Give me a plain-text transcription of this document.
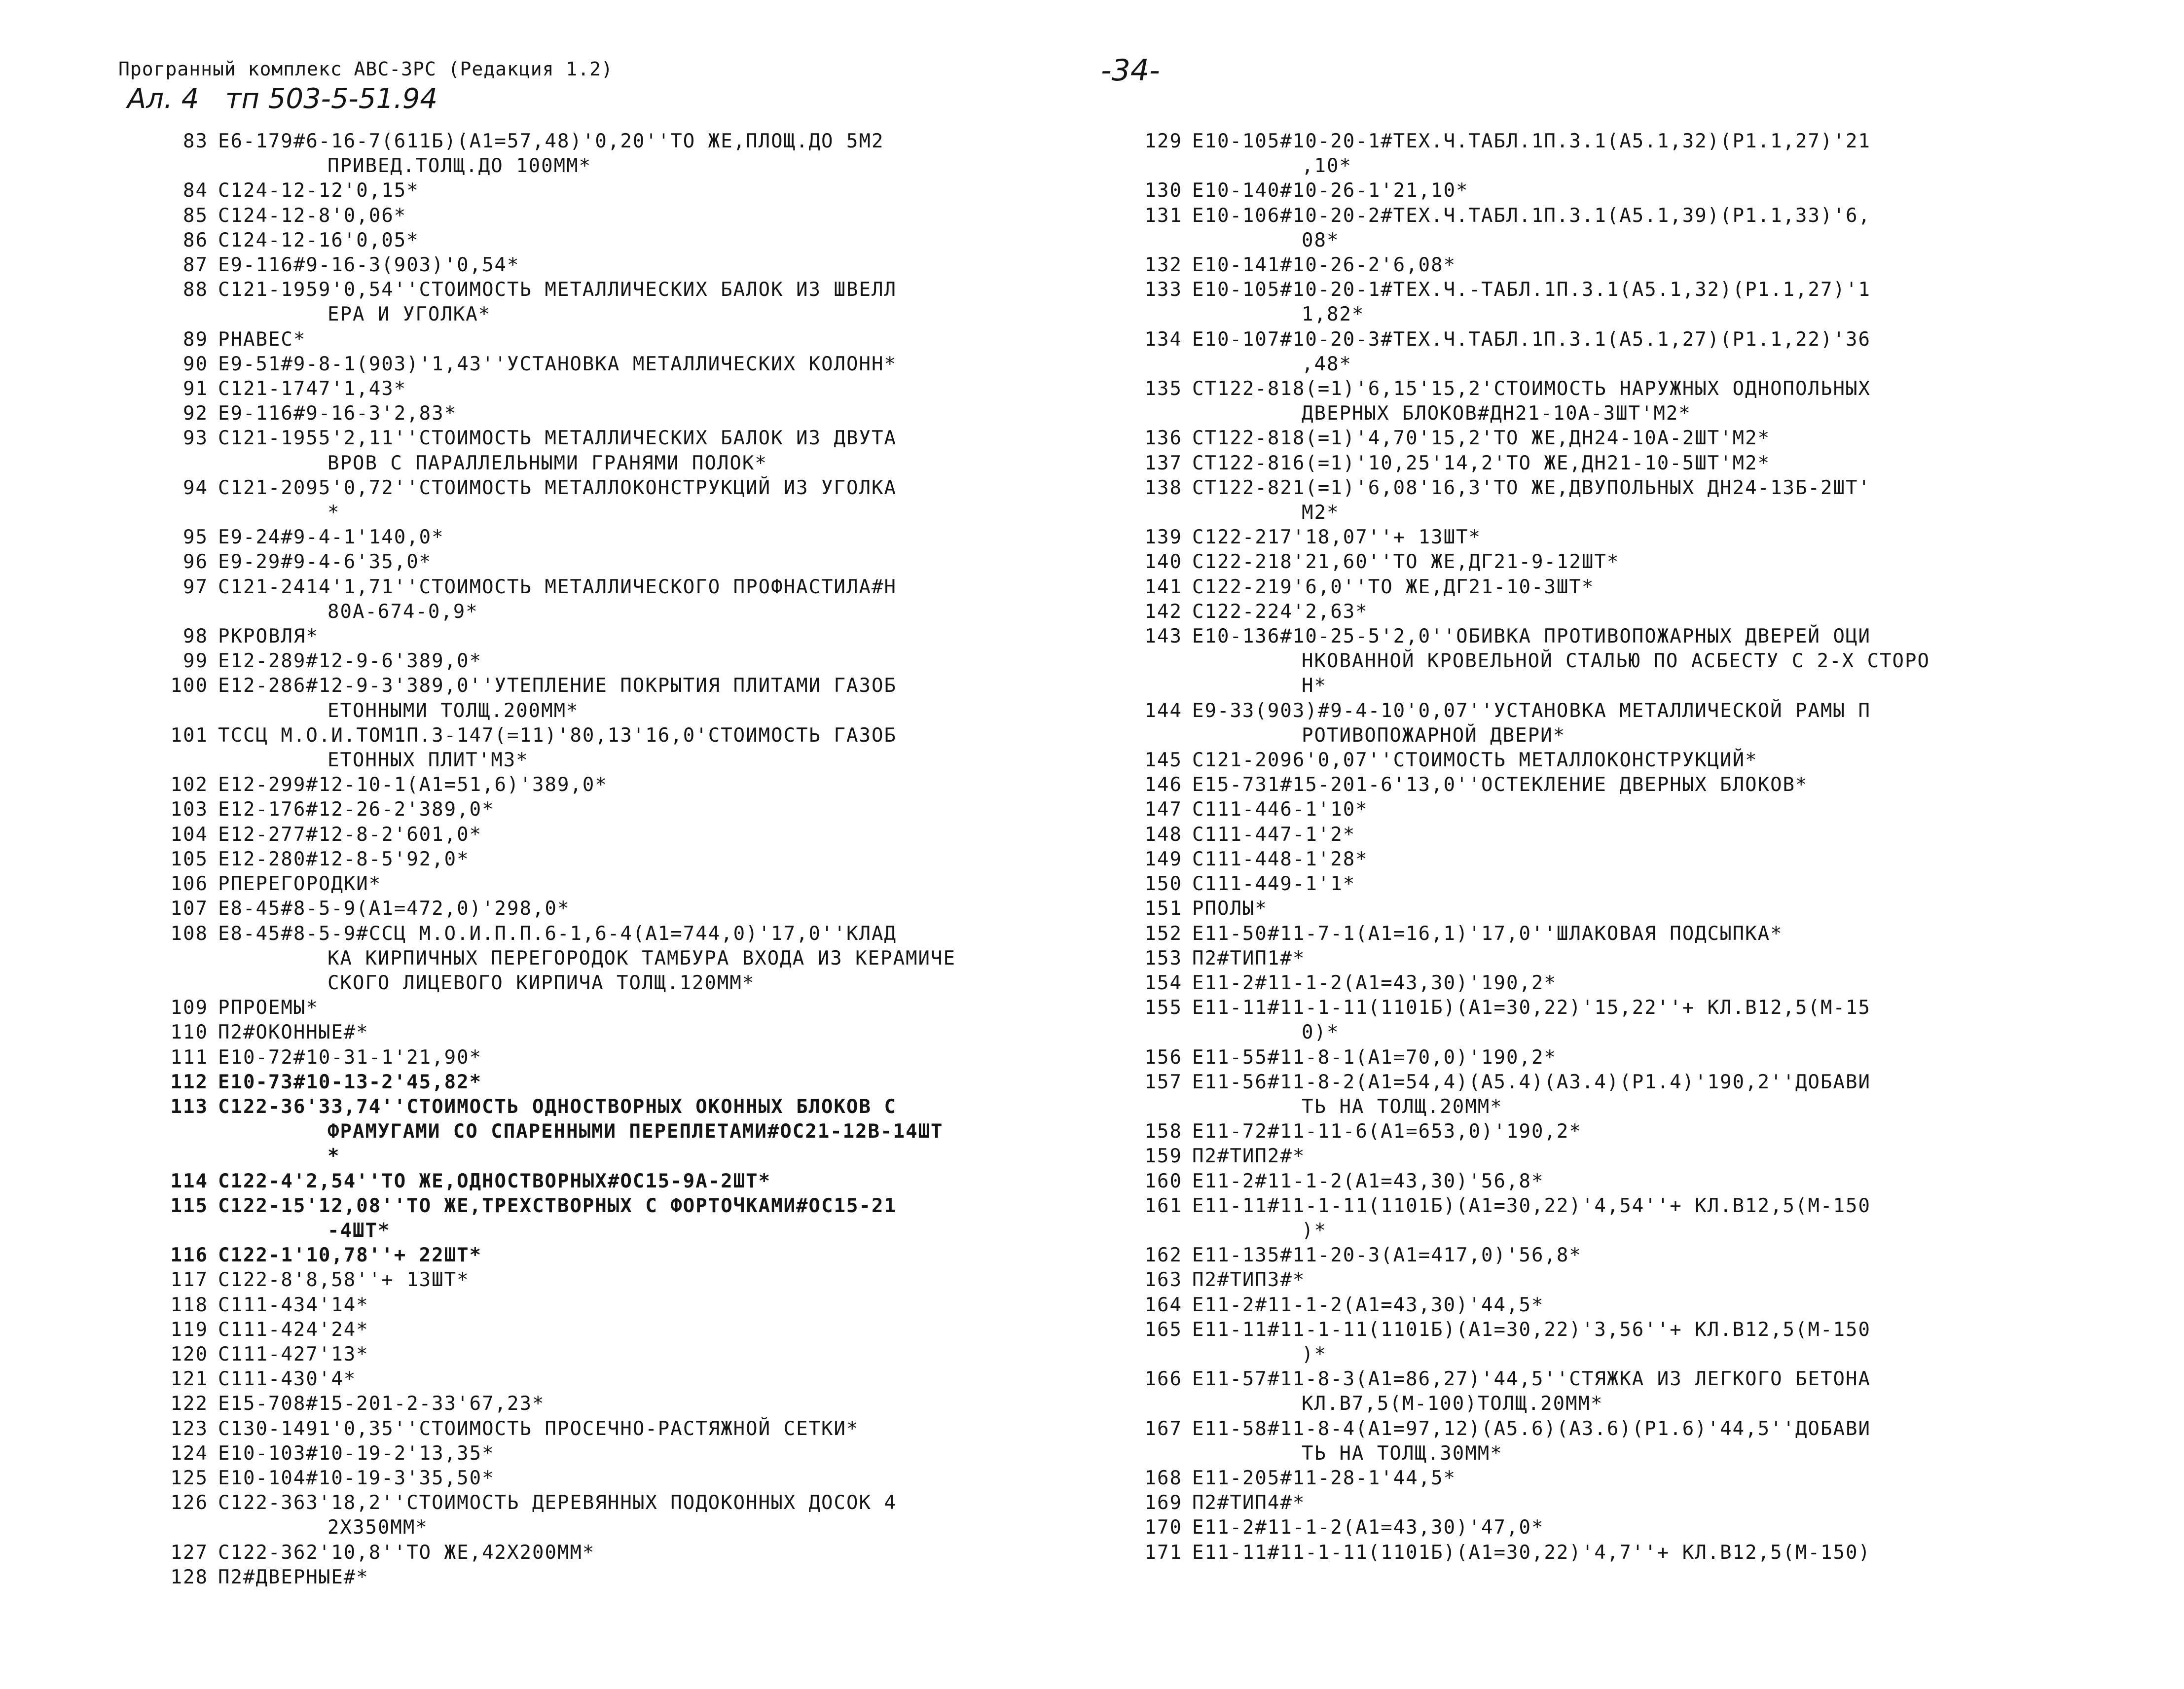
Програнный комплекс АВС-3РС (Редакция 1.2)
Ал. 4   тп 503-5-51.94
-34-
83 Е6-179#6-16-7(611Б)(А1=57,48)'0,20''ТО ЖЕ,ПЛОЩ.ДО 5М2
ПРИВЕД.ТОЛЩ.ДО 100ММ*
84 С124-12-12'0,15*
85 С124-12-8'0,06*
86 С124-12-16'0,05*
87 Е9-116#9-16-3(903)'0,54*
88 С121-1959'0,54''СТОИМОСТЬ МЕТАЛЛИЧЕСКИХ БАЛОК ИЗ ШВЕЛЛ
ЕРА И УГОЛКА*
89 РНАВЕС*
90 Е9-51#9-8-1(903)'1,43''УСТАНОВКА МЕТАЛЛИЧЕСКИХ КОЛОНН*
91 С121-1747'1,43*
92 Е9-116#9-16-3'2,83*
93 С121-1955'2,11''СТОИМОСТЬ МЕТАЛЛИЧЕСКИХ БАЛОК ИЗ ДВУТА
ВРОВ С ПАРАЛЛЕЛЬНЫМИ ГРАНЯМИ ПОЛОК*
94 С121-2095'0,72''СТОИМОСТЬ МЕТАЛЛОКОНСТРУКЦИЙ ИЗ УГОЛКА
*
95 Е9-24#9-4-1'140,0*
96 Е9-29#9-4-6'35,0*
97 С121-2414'1,71''СТОИМОСТЬ МЕТАЛЛИЧЕСКОГО ПРОФНАСТИЛА#Н
80А-674-0,9*
98 РКРОВЛЯ*
99 Е12-289#12-9-6'389,0*
100 Е12-286#12-9-3'389,0''УТЕПЛЕНИЕ ПОКРЫТИЯ ПЛИТАМИ ГАЗОБ
ЕТОННЫМИ ТОЛЩ.200ММ*
101 ТССЦ М.О.И.ТОМ1П.3-147(=11)'80,13'16,0'СТОИМОСТЬ ГАЗОБ
ЕТОННЫХ ПЛИТ'М3*
102 Е12-299#12-10-1(А1=51,6)'389,0*
103 Е12-176#12-26-2'389,0*
104 Е12-277#12-8-2'601,0*
105 Е12-280#12-8-5'92,0*
106 РПЕРЕГОРОДКИ*
107 Е8-45#8-5-9(А1=472,0)'298,0*
108 Е8-45#8-5-9#ССЦ М.О.И.П.П.6-1,6-4(А1=744,0)'17,0''КЛАД
КА КИРПИЧНЫХ ПЕРЕГОРОДОК ТАМБУРА ВХОДА ИЗ КЕРАМИЧЕ
СКОГО ЛИЦЕВОГО КИРПИЧА ТОЛЩ.120ММ*
109 РПРОЕМЫ*
110 П2#ОКОННЫЕ#*
111 Е10-72#10-31-1'21,90*
112 Е10-73#10-13-2'45,82*
113 С122-36'33,74''СТОИМОСТЬ ОДНОСТВОРНЫХ ОКОННЫХ БЛОКОВ С
ФРАМУГАМИ СО СПАРЕННЫМИ ПЕРЕПЛЕТАМИ#ОС21-12В-14ШТ
*
114 С122-4'2,54''ТО ЖЕ,ОДНОСТВОРНЫХ#ОС15-9А-2ШТ*
115 С122-15'12,08''ТО ЖЕ,ТРЕХСТВОРНЫХ С ФОРТОЧКАМИ#ОС15-21
-4ШТ*
116 С122-1'10,78''+ 22ШТ*
117 С122-8'8,58''+ 13ШТ*
118 С111-434'14*
119 С111-424'24*
120 С111-427'13*
121 С111-430'4*
122 Е15-708#15-201-2-33'67,23*
123 С130-1491'0,35''СТОИМОСТЬ ПРОСЕЧНО-РАСТЯЖНОЙ СЕТКИ*
124 Е10-103#10-19-2'13,35*
125 Е10-104#10-19-3'35,50*
126 С122-363'18,2''СТОИМОСТЬ ДЕРЕВЯННЫХ ПОДОКОННЫХ ДОСОК 4
2Х350ММ*
127 С122-362'10,8''ТО ЖЕ,42Х200ММ*
128 П2#ДВЕРНЫЕ#*
129 Е10-105#10-20-1#ТЕХ.Ч.ТАБЛ.1П.3.1(А5.1,32)(Р1.1,27)'21
,10*
130 Е10-140#10-26-1'21,10*
131 Е10-106#10-20-2#ТЕХ.Ч.ТАБЛ.1П.3.1(А5.1,39)(Р1.1,33)'6,
08*
132 Е10-141#10-26-2'6,08*
133 Е10-105#10-20-1#ТЕХ.Ч.-ТАБЛ.1П.3.1(А5.1,32)(Р1.1,27)'1
1,82*
134 Е10-107#10-20-3#ТЕХ.Ч.ТАБЛ.1П.3.1(А5.1,27)(Р1.1,22)'36
,48*
135 СТ122-818(=1)'6,15'15,2'СТОИМОСТЬ НАРУЖНЫХ ОДНОПОЛЬНЫХ
ДВЕРНЫХ БЛОКОВ#ДН21-10А-3ШТ'М2*
136 СТ122-818(=1)'4,70'15,2'ТО ЖЕ,ДН24-10А-2ШТ'М2*
137 СТ122-816(=1)'10,25'14,2'ТО ЖЕ,ДН21-10-5ШТ'М2*
138 СТ122-821(=1)'6,08'16,3'ТО ЖЕ,ДВУПОЛЬНЫХ ДН24-13Б-2ШТ'
М2*
139 С122-217'18,07''+ 13ШТ*
140 С122-218'21,60''ТО ЖЕ,ДГ21-9-12ШТ*
141 С122-219'6,0''ТО ЖЕ,ДГ21-10-3ШТ*
142 С122-224'2,63*
143 Е10-136#10-25-5'2,0''ОБИВКА ПРОТИВОПОЖАРНЫХ ДВЕРЕЙ ОЦИ
НКОВАННОЙ КРОВЕЛЬНОЙ СТАЛЬЮ ПО АСБЕСТУ С 2-Х СТОРО
Н*
144 Е9-33(903)#9-4-10'0,07''УСТАНОВКА МЕТАЛЛИЧЕСКОЙ РАМЫ П
РОТИВОПОЖАРНОЙ ДВЕРИ*
145 С121-2096'0,07''СТОИМОСТЬ МЕТАЛЛОКОНСТРУКЦИЙ*
146 Е15-731#15-201-6'13,0''ОСТЕКЛЕНИЕ ДВЕРНЫХ БЛОКОВ*
147 С111-446-1'10*
148 С111-447-1'2*
149 С111-448-1'28*
150 С111-449-1'1*
151 РПОЛЫ*
152 Е11-50#11-7-1(А1=16,1)'17,0''ШЛАКОВАЯ ПОДСЫПКА*
153 П2#ТИП1#*
154 Е11-2#11-1-2(А1=43,30)'190,2*
155 Е11-11#11-1-11(1101Б)(А1=30,22)'15,22''+ КЛ.В12,5(М-15
0)*
156 Е11-55#11-8-1(А1=70,0)'190,2*
157 Е11-56#11-8-2(А1=54,4)(А5.4)(А3.4)(Р1.4)'190,2''ДОБАВИ
ТЬ НА ТОЛЩ.20ММ*
158 Е11-72#11-11-6(А1=653,0)'190,2*
159 П2#ТИП2#*
160 Е11-2#11-1-2(А1=43,30)'56,8*
161 Е11-11#11-1-11(1101Б)(А1=30,22)'4,54''+ КЛ.В12,5(М-150
)*
162 Е11-135#11-20-3(А1=417,0)'56,8*
163 П2#ТИП3#*
164 Е11-2#11-1-2(А1=43,30)'44,5*
165 Е11-11#11-1-11(1101Б)(А1=30,22)'3,56''+ КЛ.В12,5(М-150
)*
166 Е11-57#11-8-3(А1=86,27)'44,5''СТЯЖКА ИЗ ЛЕГКОГО БЕТОНА
КЛ.В7,5(М-100)ТОЛЩ.20ММ*
167 Е11-58#11-8-4(А1=97,12)(А5.6)(А3.6)(Р1.6)'44,5''ДОБАВИ
ТЬ НА ТОЛЩ.30ММ*
168 Е11-205#11-28-1'44,5*
169 П2#ТИП4#*
170 Е11-2#11-1-2(А1=43,30)'47,0*
171 Е11-11#11-1-11(1101Б)(А1=30,22)'4,7''+ КЛ.В12,5(М-150)
